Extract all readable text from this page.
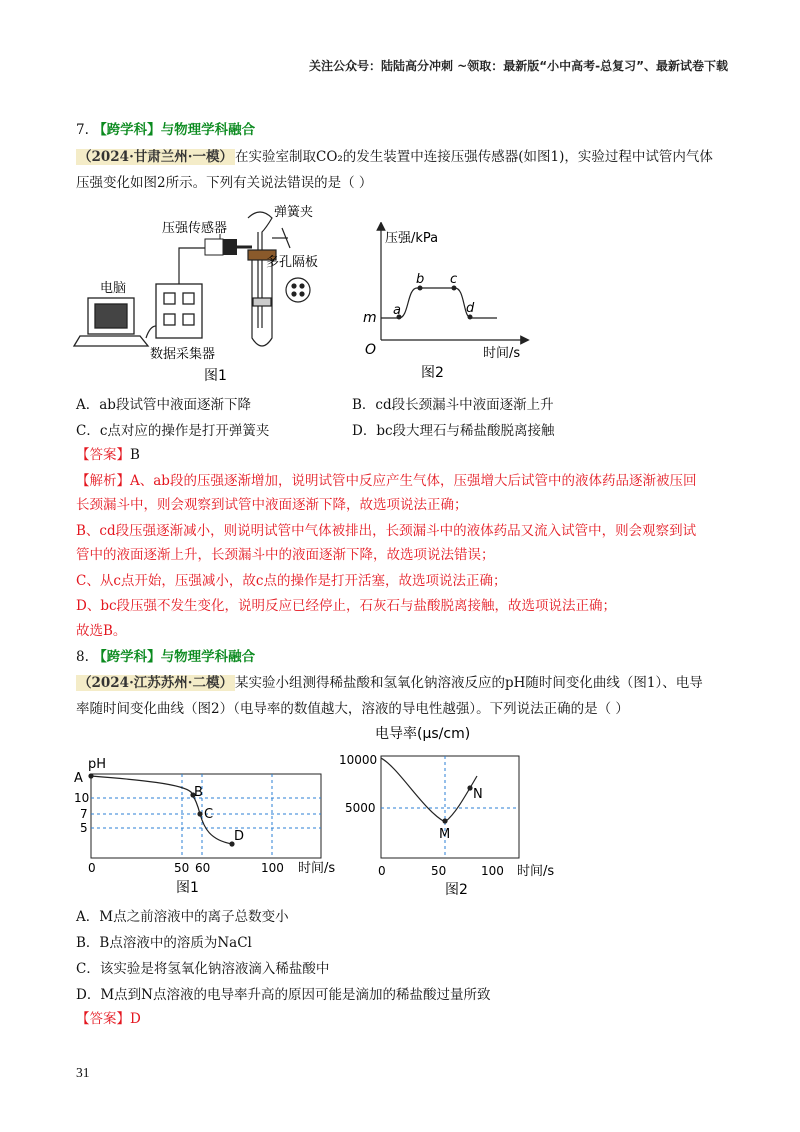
关注公众号：陆陆高分冲刺 ~领取：最新版“小中高考-总复习”、最新试卷下载
7. 【跨学科】与物理学科融合
（2024·甘肃兰州·一模） 在实验室制取CO₂的发生装置中连接压强传感器(如图1)，实验过程中试管内气体
压强变化如图2所示。下列有关说法错误的是（ ）
电脑
数据采集器
压强传感器
弹簧夹
多孔隔板
图1
压强/kPa
时间/s
O
m a
b c
d
图2
A．ab段试管中液面逐渐下降	B．cd段长颈漏斗中液面逐渐上升
C．c点对应的操作是打开弹簧夹	D．bc段大理石与稀盐酸脱离接触
【答案】B
【解析】A、ab段的压强逐渐增加，说明试管中反应产生气体，压强增大后试管中的液体药品逐渐被压回
长颈漏斗中，则会观察到试管中液面逐渐下降，故选项说法正确；
B、cd段压强逐渐减小，则说明试管中气体被排出，长颈漏斗中的液体药品又流入试管中，则会观察到试
管中的液面逐渐上升，长颈漏斗中的液面逐渐下降，故选项说法错误；
C、从c点开始，压强减小，故c点的操作是打开活塞，故选项说法正确；
D、bc段压强不发生变化，说明反应已经停止，石灰石与盐酸脱离接触，故选项说法正确；
故选B。
8. 【跨学科】与物理学科融合
（2024·江苏苏州·二模） 某实验小组测得稀盐酸和氢氧化钠溶液反应的pH随时间变化曲线（图1）、电导
率随时间变化曲线（图2）（电导率的数值越大，溶液的导电性越强）。下列说法正确的是（ ）
pH
A
B
C
D
10
7
5
0	50 60	100 时间/s
图1
电导率(μs/cm)
10000
5000
M
N
0	50	100 时间/s
图2
A．M点之前溶液中的离子总数变小
B．B点溶液中的溶质为NaCl
C．该实验是将氢氧化钠溶液滴入稀盐酸中
D．M点到N点溶液的电导率升高的原因可能是滴加的稀盐酸过量所致
【答案】D
31
